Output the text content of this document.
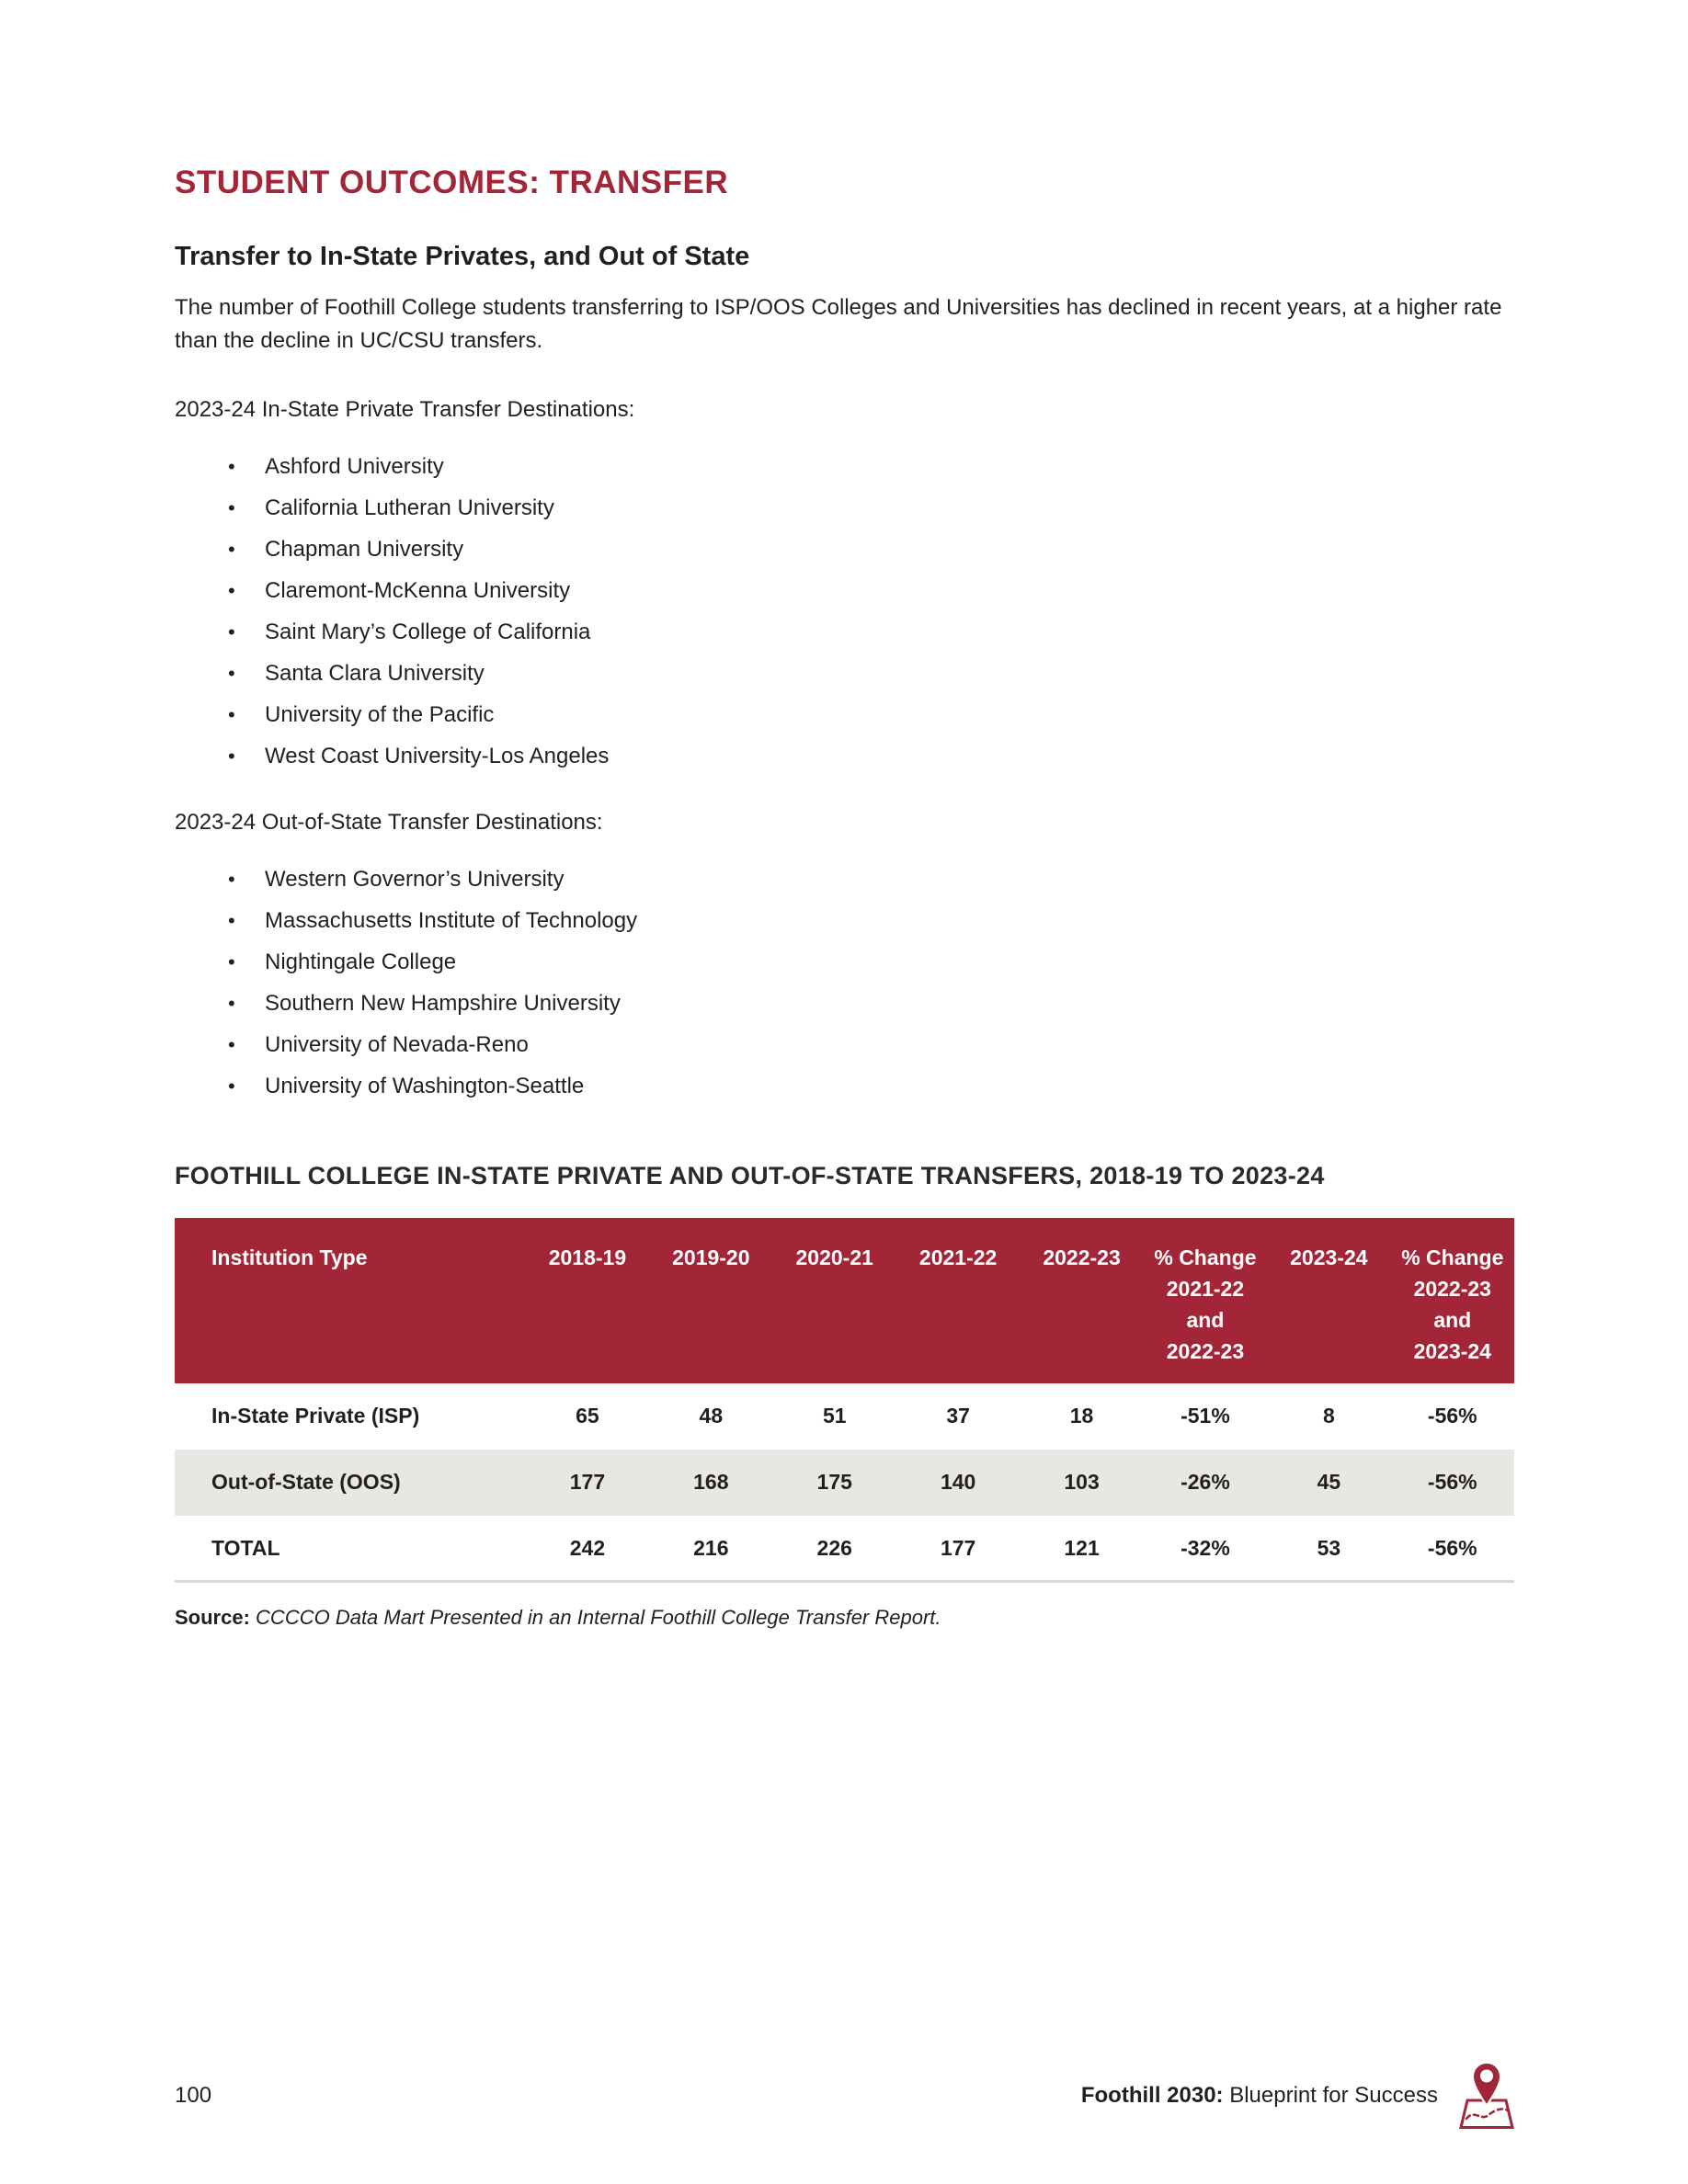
STUDENT OUTCOMES: TRANSFER
Transfer to In-State Privates, and Out of State

The number of Foothill College students transferring to ISP/OOS Colleges and Universities has declined in recent years, at a higher rate than the decline in UC/CSU transfers.

2023-24 In-State Private Transfer Destinations:

• Ashford University
• California Lutheran University
• Chapman University
• Claremont-McKenna University
• Saint Mary’s College of California
• Santa Clara University
• University of the Pacific
• West Coast University-Los Angeles

2023-24 Out-of-State Transfer Destinations:

• Western Governor’s University
• Massachusetts Institute of Technology
• Nightingale College
• Southern New Hampshire University
• University of Nevada-Reno
• University of Washington-Seattle
FOOTHILL COLLEGE IN-STATE PRIVATE AND OUT-OF-STATE TRANSFERS, 2018-19 TO 2023-24
Institution Type	2018-19	2019-20	2020-21	2021-22	2022-23	% Change
2021-22
and
2022-23	2023-24	% Change
2022-23
and
2023-24

In-State Private (ISP)	65	48	51	37	18	-51%	8	-56%
Out-of-State (OOS)	177	168	175	140	103	-26%	45	-56%
TOTAL	242	216	226	177	121	-32%	53	-56%

Source: CCCCO Data Mart Presented in an Internal Foothill College Transfer Report.

100	Foothill 2030: Blueprint for Success
